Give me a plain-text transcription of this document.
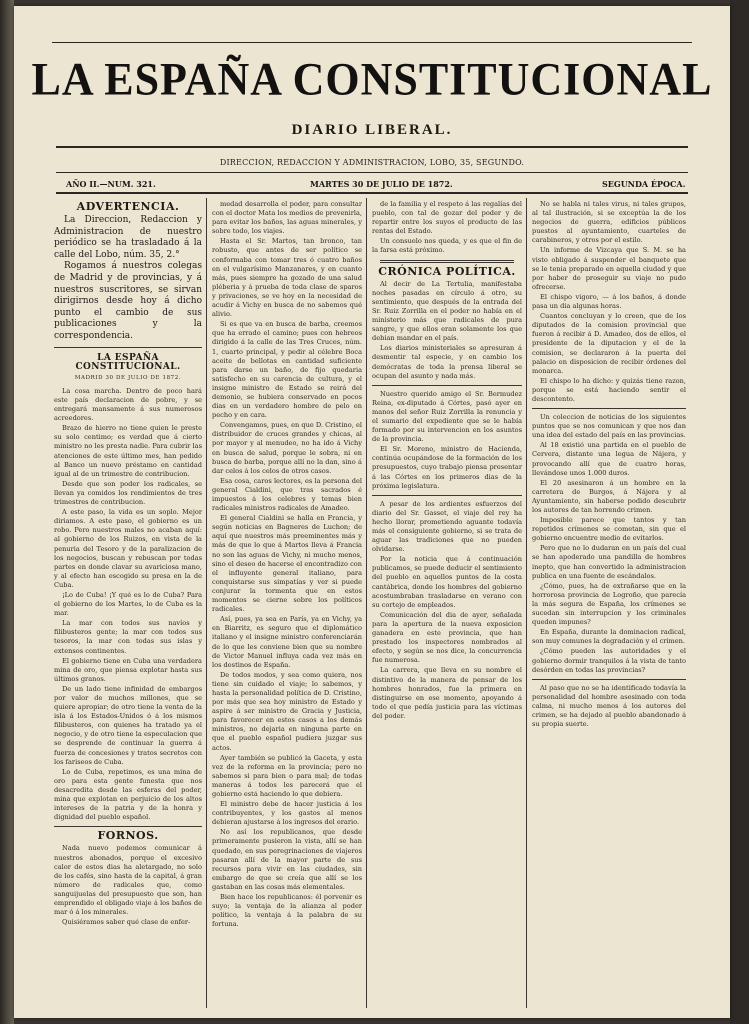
LA ESPAÑA CONSTITUCIONAL
DIARIO LIBERAL.
DIRECCION, REDACCION Y ADMINISTRACION, LOBO, 35, SEGUNDO.
AÑO II.—NUM. 321.	MARTES 30 DE JULIO DE 1872.	SEGUNDA ÉPOCA.
ADVERTENCIA.

La Direccion, Redaccion y Administracion de nuestro periódico se ha trasladado á la calle del Lobo, núm. 35, 2.°

Rogamos á nuestros colegas de Madrid y de provincias, y á nuestros suscritores, se sirvan dirigirnos desde hoy á dicho punto el cambio de sus publicaciones y la correspondencia.

LA ESPAÑA CONSTITUCIONAL.
MADRID 30 DE JULIO DE 1872.

La cosa marcha. Dentro de poco hará este país declaracion de pobre, y se entregará mansamente á sus numerosos acreedores.

Brazo de hierro no tiene quien le preste su solo centimo; es verdad que á cierto ministro no les presta nadie. Para cubrir las atenciones de este último mes, han pedido al Banco un nuevo préstamo en cantidad igual al de un trimestre de contribucion.

Desde que son poder los radicales, se llevan ya comidos los rendimientos de tres trimestres de contribucion.

A este paso, la vida es un soplo. Mejor diriamos. A este paso, el gobierno es un robo. Pero nuestros males no acaban aquí: al gobierno de los Ruizos, en vista de la penuria del Tesoro y de la paralizacion de los negocios, buscan y rebuscan por todas partes en donde clavar su avariciosa mano, y al efecto han escogido su presa en la de Cuba.

¡Lo de Cuba! ¡Y qué es lo de Cuba? Para el gobierno de los Martes, lo de Cuba es la mar.

La mar con todos sus navíos y filibusteros gente; la mar con todos sus tesoros, la mar con todas sus islas y extensos continentes.

El gobierno tiene en Cuba una verdadera mina de oro, que piensa explotar hasta sus últimos granos.

De un lado tiene infinidad de embargos por valor de muchos millones, que se quiere apropiar; de otro tiene la venta de la isla á los Estados-Unidos ó á los mismos filibusteros, con quienes ha tratado ya el negocio, y de otro tiene la especulacion que se desprende de continuar la guerra á fuerza de concesiones y tratos secretos con los fariseos de Cuba.

Lo de Cuba, repetimos, es una mina de oro para esta gente funesta que nos desacredita desde las esferas del poder, mina que explotan en perjuicio de los altos intereses de la patria y de la honra y dignidad del pueblo español.

FORNOS.

Nada nuevo podemos comunicar á nuestros abonados, porque el excesivo calor de estos dias ha aletargado, no solo de los cafés, sino hasta de la capital, á gran número de radicales que, como sanguijuelas del presupuesto que son, han emprendido el obligado viaje á los baños de mar ó á los minerales.

Quisiéramos saber qué clase de enfer-

medad desarrolla el poder, para consultar con el doctor Mata los medios de prevenirla, para evitar los baños, las aguas minerales, y sobre todo, los viajes.

Hasta el Sr. Martos, tan bronco, tan robusto, que antes de ser político se conformaba con tomar tres ó cuatro baños en el vulgarísimo Manzanares, y en cuanto más, pues siempre ha gozado de una salud pléberia y á prueba de toda clase de sparos y privaciones, se ve hoy en la necesidad de acudir á Vichy en busca de no sabemos qué alivio.

Si es que va en busca de barba, creemos que ha errado el camino; pues con hebreos dirigido á la calle de las Tres Cruces, núm. 1, cuarto principal, y pedir al célebre Boca aceite de bellotas en cantidad suficiente para darse un baño, de fijo quedaria satisfecho en su carencia de cultura, y el insigne ministro de Estado se reirá del demonio, se hubiera conservado en pocos dias en un verdadero hombre de pelo en pecho y en cara.

Convengamos, pues, en que D. Cristino, el distribuidor de cruces grandes y chicas, al por mayor y al menudeo, no ha ido á Vichy en busca de salud, porque le sobra, ni en busca de barba, porque allí no la dan, sino á dar celos á los celos de otros casos.

Esa cosa, caros lectores, es la persona del general Cialdini, que tras sacrados é impuestos á los celebres y temas bien radicales ministros radicales de Amadeo.

El general Cialdini se halla en Francia, y según noticias en Bagneres de Luchon; de aquí que nuestros más preeminentes más y más de que lo que á Martos lleva á Francia no son las aguas de Vichy, ni mucho menos, sino el deseo de hacerse el encontradizo con el influyente general italiano, para conquistarse sus simpatías y ver si puede conjurar la tormenta que en estos momentos se cierne sobre los políticos radicales.

Así, pues, ya sea en París, ya en Vichy, ya en Biarritz, es seguro que el diplomático italiano y el insigne ministro conferenciarán de lo que les conviene bien que su nombre de Victor Manuel influya cada vez más en los destinos de España.

De todos modos, y sea como quiera, nos tiene sin cuidado el viaje; lo sabemos, y hasta la personalidad política de D. Cristino, por más que sea hoy ministro de Estado y aspire á ser ministro de Gracia y Justicia, para favorecer en estos casos a los demás ministros, no dejaria en ninguna parte en que el pueblo español pudiera juzgar sus actos.

Ayer también se publicó la Gaceta, y esta vez de la reforma en la provincia; pero no sabemos si para bien o para mal; de todas maneras á todos les parecerá que el gobierno está haciendo lo que debiera.

El ministro debe de hacer justicia á los contribuyentes, y los gastos al menos debieran ajustarse á los ingresos del erario.

No así los republicanos, que desde primeramente pusieron la vista, allí se han quedado, en sus peregrinaciones de viajeros pasaran allí de la mayor parte de sus recursos para vivir en las ciudades, sin embargo de que se creía que allí se los gastaban en las cosas más elementales.

Bien hace los republicanos: él porvenir es suyo; la ventaja de la alianza al poder político, la ventaja á la palabra de su fortuna.

de la familia y el respeto á las regalías del pueblo, con tal de gozar del poder y de repartir entre los suyos el producto de las rentas del Estado.

Un consuelo nos queda, y es que el fin de la farsa está próximo.

CRÓNICA POLÍTICA.

Al decir de La Tertulia, manifestaba noches pasadas en círculo á otro, su sentimiento, que después de la entrada del Sr. Ruiz Zorrilla en el poder no había en el ministerio más que radicales de pura sangre, y que ellos eran solamente los que debian mandar en el país.

Los diarios ministeriales se apresuran á desmentir tal especie, y en cambio los demócratas de toda la prensa liberal se ocupan del asunto y nada más.

Nuestro querido amigo el Sr. Bermudez Reina, ex-diputado á Córtes, pasó ayer en manos del señor Ruiz Zorrilla la renuncia y el sumario del expediente que se le había formado por su intervencion en los asuntos de la provincia.

El Sr. Moreno, ministro de Hacienda, continúa ocupándose de la formación de los presupuestos, cuyo trabajo piensa presentar á las Córtes en los primeros dias de la próxima legislatura.

A pesar de los ardientes esfuerzos del diario del Sr. Gasset, el viaje del rey ha hecho llorar, prometiendo aguante todavía más el consiguiente gobierno, si se trata de aguar las tradiciones que no pueden olvidarse.

Por la noticia que á continuación publicamos, se puede deducir el sentimiento del pueblo en aquellos puntos de la costa cantábrica, donde los hombres del gobierno acostumbraban trasladarse en verano con su cortejo de empleados.

Comunicación del dia de ayer, señalada para la apertura de la nueva exposicion ganadera en este provincia, que han prestado los inspectores nombrados al efecto, y según se nos dice, la concurrencia fue numerosa.

La carrera, que lleva en su nombre el distintivo de la manera de pensar de los hombres honrados, fue la primera en distinguirse en ese momento, apoyando á todo el que pedía justicia para las víctimas del poder.

No se habla ni tales virus, ni tales grupos, al tal ilustración, si se exceptúa la de los negocios de guerra, edificios públicos puestos al ayuntamiento, cuarteles de carabineros, y otros por el estilo.

Un informe de Vizcaya que S. M. se ha visto obligado á suspender el banquete que se le tenia preparado en aquella ciudad y que por haber de proseguir su viaje no pudo ofrecerse.

El chispo vigoro, — á los baños, á donde pasa un dia algunas horas.

Cuantos concluyan y lo creen, que de los diputados de la comision provincial que fueron á recibir á D. Amadeo, dos de ellos, el presidente de la diputacion y el de la comision, se declararon á la puerta del palacio en disposicion de recibir órdenes del monarca.

El chispo lo ha dicho: y quizás tiene razon, porque se está haciendo sentir el descontento.

Un coleccion de noticias de los siguientes puntos que se nos comunican y que nos dan una idea del estado del país en las provincias.

Al 18 existió una partida en el pueblo de Cervera, distante una legua de Nájera, y provocando allí que de cuatro horas, llevándose unos 1.000 duros.

El 20 asesinaron á un hombre en la carretera de Burgos, á Nájera y al Ayuntamiento, sin haberse podido descubrir los autores de tan horrendo crimen.

Imposible parece que tantos y tan repetidos crímenes se cometan, sin que el gobierno encuentre medio de evitarlos.

Pero que no lo dudaran en un país del cual se han apoderado una pandilla de hombres inepto, que han convertido la administracion publica en una fuente de escándalos.

¿Cómo, pues, ha de extrañarse que en la horrorosa provincia de Logroño, que parecía la más segura de España, los crímenes se sucedan sin interrupcion y los criminales queden impunes?

En España, durante la dominacion radical, son muy comunes la degradación y el crimen.

¿Cómo pueden las autoridades y el gobierno dormir tranquilos á la vista de tanto desórden en todas las provincias?

Al paso que no se ha identificado todavía la personalidad del hombre asesinado con toda calma, ni mucho menos á los autores del crimen, se ha dejado al pueblo abandonado á su propia suerte.
